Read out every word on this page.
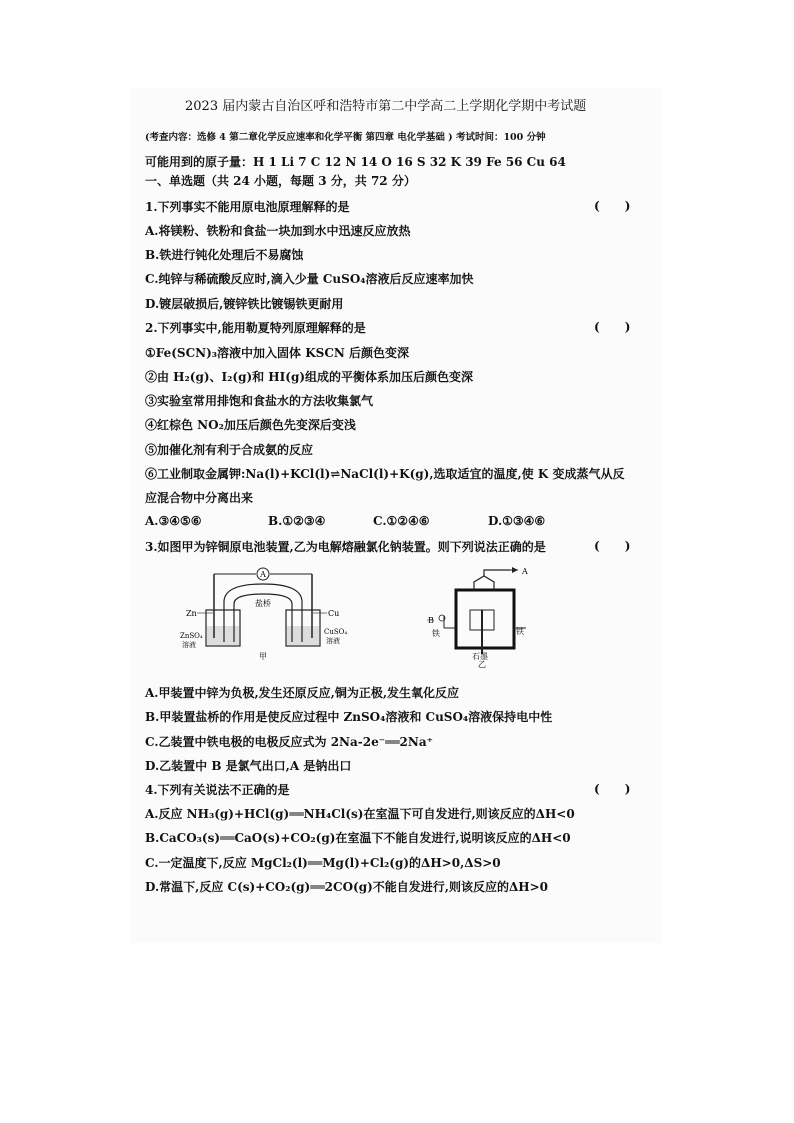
2023 届内蒙古自治区呼和浩特市第二中学高二上学期化学期中考试题
(考查内容：选修 4 第二章化学反应速率和化学平衡 第四章 电化学基础 ) 考试时间：100 分钟
可能用到的原子量：H 1 Li 7 C 12 N 14 O 16 S 32 K 39 Fe 56 Cu 64
一、单选题（共 24 小题，每题 3 分，共 72 分）
1.下列事实不能用原电池原理解释的是	(      )
A.将镁粉、铁粉和食盐一块加到水中迅速反应放热
B.铁进行钝化处理后不易腐蚀
C.纯锌与稀硫酸反应时,滴入少量 CuSO₄溶液后反应速率加快
D.镀层破损后,镀锌铁比镀锡铁更耐用
2.下列事实中,能用勒夏特列原理解释的是	(      )
①Fe(SCN)₃溶液中加入固体 KSCN 后颜色变深
②由 H₂(g)、I₂(g)和 HI(g)组成的平衡体系加压后颜色变深
③实验室常用排饱和食盐水的方法收集氯气
④红棕色 NO₂加压后颜色先变深后变浅
⑤加催化剂有利于合成氨的反应
⑥工业制取金属钾:Na(l)+KCl(l)⇌NaCl(l)+K(g),选取适宜的温度,使 K 变成蒸气从反
应混合物中分离出来
A.③④⑤⑥	B.①②③④	C.①②④⑥	D.①③④⑥
3.如图甲为锌铜原电池装置,乙为电解熔融氯化钠装置。则下列说法正确的是	(      )
A
盐桥
Zn	Cu
ZnSO₄
溶液
CuSO₄
溶液
甲
A
B
铁	铁
石墨
乙
A.甲装置中锌为负极,发生还原反应,铜为正极,发生氧化反应
B.甲装置盐桥的作用是使反应过程中 ZnSO₄溶液和 CuSO₄溶液保持电中性
C.乙装置中铁电极的电极反应式为 2Na-2e⁻══2Na⁺
D.乙装置中 B 是氯气出口,A 是钠出口
4.下列有关说法不正确的是	(      )
A.反应 NH₃(g)+HCl(g)══NH₄Cl(s)在室温下可自发进行,则该反应的ΔH<0
B.CaCO₃(s)══CaO(s)+CO₂(g)在室温下不能自发进行,说明该反应的ΔH<0
C.一定温度下,反应 MgCl₂(l)══Mg(l)+Cl₂(g)的ΔH>0,ΔS>0
D.常温下,反应 C(s)+CO₂(g)══2CO(g)不能自发进行,则该反应的ΔH>0
